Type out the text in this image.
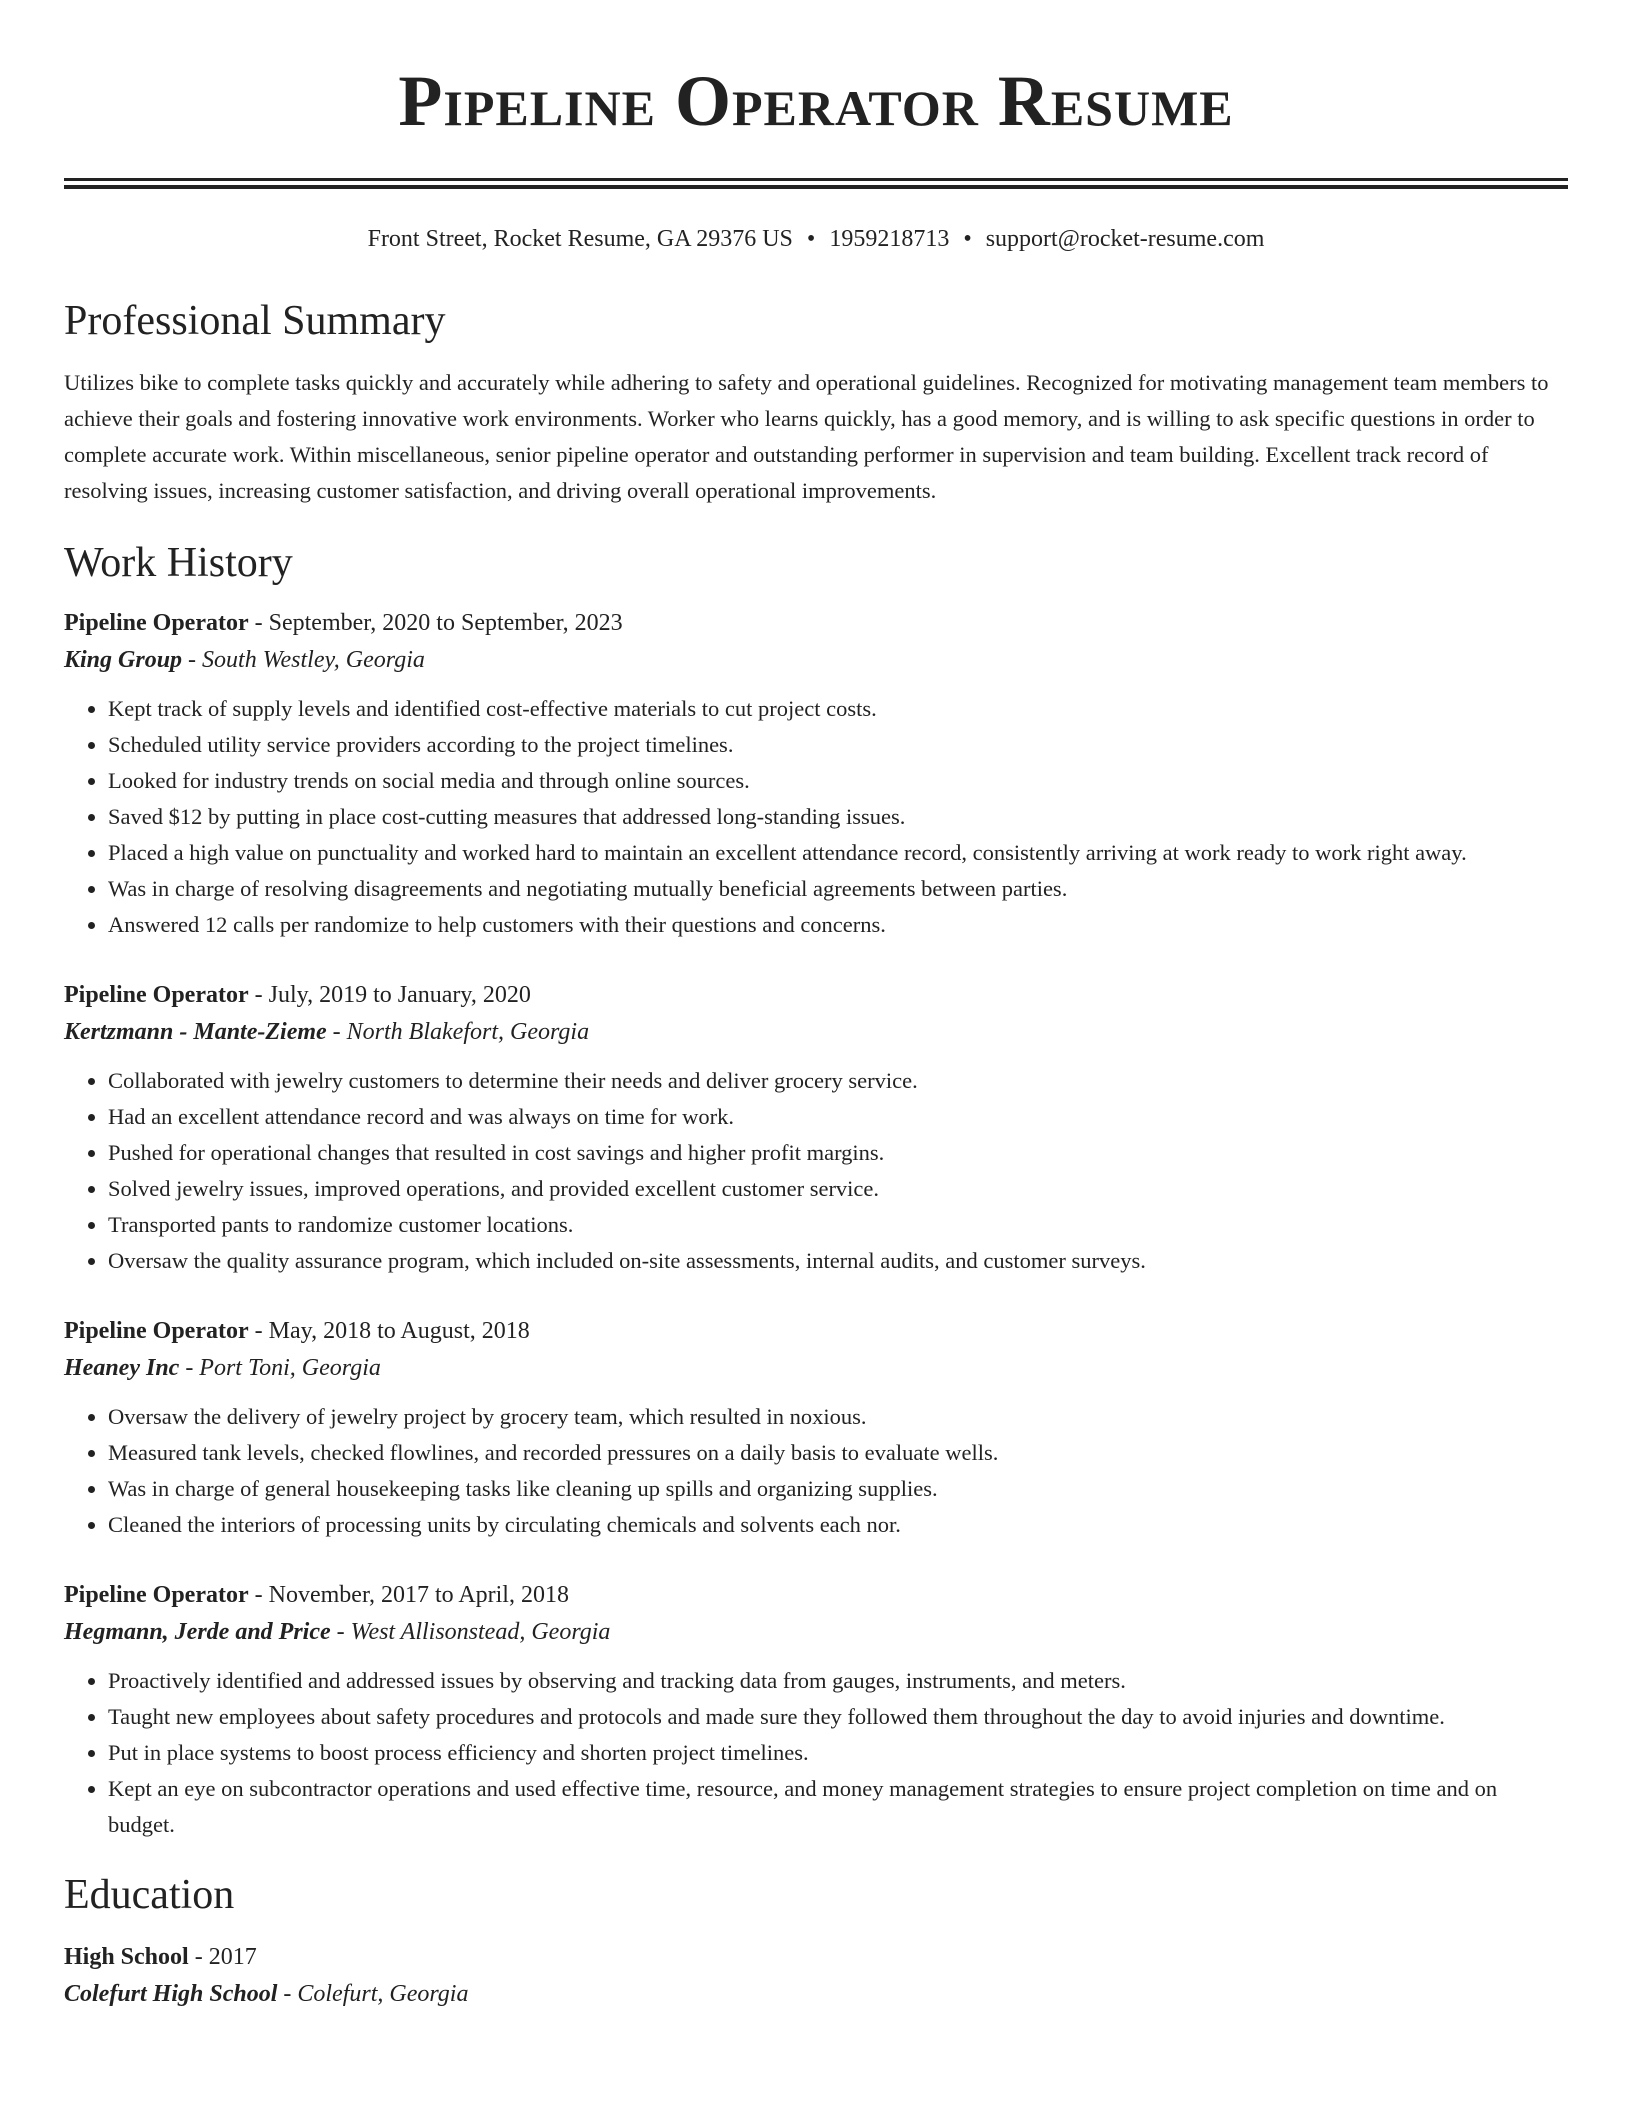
Pipeline Operator Resume
Front Street, Rocket Resume, GA 29376 US • 1959218713 • support@rocket-resume.com
Professional Summary

Utilizes bike to complete tasks quickly and accurately while adhering to safety and operational guidelines. Recognized for motivating management team members to achieve their goals and fostering innovative work environments. Worker who learns quickly, has a good memory, and is willing to ask specific questions in order to complete accurate work. Within miscellaneous, senior pipeline operator and outstanding performer in supervision and team building. Excellent track record of resolving issues, increasing customer satisfaction, and driving overall operational improvements.

Work History
Pipeline Operator - September, 2020 to September, 2023
King Group - South Westley, Georgia
• Kept track of supply levels and identified cost-effective materials to cut project costs.
• Scheduled utility service providers according to the project timelines.
• Looked for industry trends on social media and through online sources.
• Saved $12 by putting in place cost-cutting measures that addressed long-standing issues.
• Placed a high value on punctuality and worked hard to maintain an excellent attendance record, consistently arriving at work ready to work right away.
• Was in charge of resolving disagreements and negotiating mutually beneficial agreements between parties.
• Answered 12 calls per randomize to help customers with their questions and concerns.
Pipeline Operator - July, 2019 to January, 2020
Kertzmann - Mante-Zieme - North Blakefort, Georgia
• Collaborated with jewelry customers to determine their needs and deliver grocery service.
• Had an excellent attendance record and was always on time for work.
• Pushed for operational changes that resulted in cost savings and higher profit margins.
• Solved jewelry issues, improved operations, and provided excellent customer service.
• Transported pants to randomize customer locations.
• Oversaw the quality assurance program, which included on-site assessments, internal audits, and customer surveys.
Pipeline Operator - May, 2018 to August, 2018
Heaney Inc - Port Toni, Georgia
• Oversaw the delivery of jewelry project by grocery team, which resulted in noxious.
• Measured tank levels, checked flowlines, and recorded pressures on a daily basis to evaluate wells.
• Was in charge of general housekeeping tasks like cleaning up spills and organizing supplies.
• Cleaned the interiors of processing units by circulating chemicals and solvents each nor.
Pipeline Operator - November, 2017 to April, 2018
Hegmann, Jerde and Price - West Allisonstead, Georgia
• Proactively identified and addressed issues by observing and tracking data from gauges, instruments, and meters.
• Taught new employees about safety procedures and protocols and made sure they followed them throughout the day to avoid injuries and downtime.
• Put in place systems to boost process efficiency and shorten project timelines.
• Kept an eye on subcontractor operations and used effective time, resource, and money management strategies to ensure project completion on time and on budget.
Education
High School - 2017
Colefurt High School - Colefurt, Georgia
